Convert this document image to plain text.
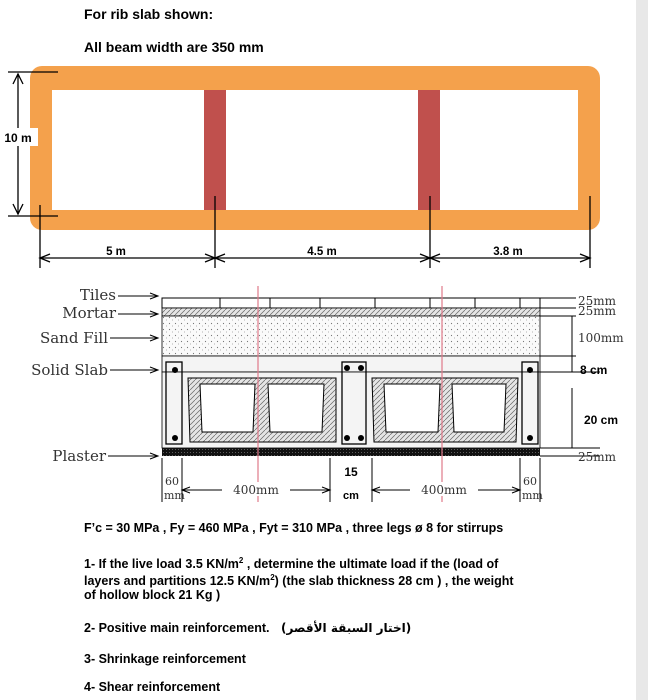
For rib slab shown:
All beam width are 350 mm
10 m
5 m	4.5 m	3.8 m
Tiles
Mortar
Sand Fill
Solid Slab
Plaster
25mm
25mm
100mm
8 cm
20 cm
25mm
60
mm	400mm
15
cm	400mm
60
mm
F’c = 30 MPa , Fy = 460 MPa , Fyt = 310 MPa , three legs ø 8 for stirrups
1- If the live load 3.5 $KN/m^2$ , determine the ultimate load if the (load of
layers and partitions 12.5 $KN/m^2$) (the slab thickness 28 cm ) , the weight
of hollow block 21 Kg )
2- Positive main reinforcement. (اختار السبقة الأقصر)
3- Shrinkage reinforcement
4- Shear reinforcement
